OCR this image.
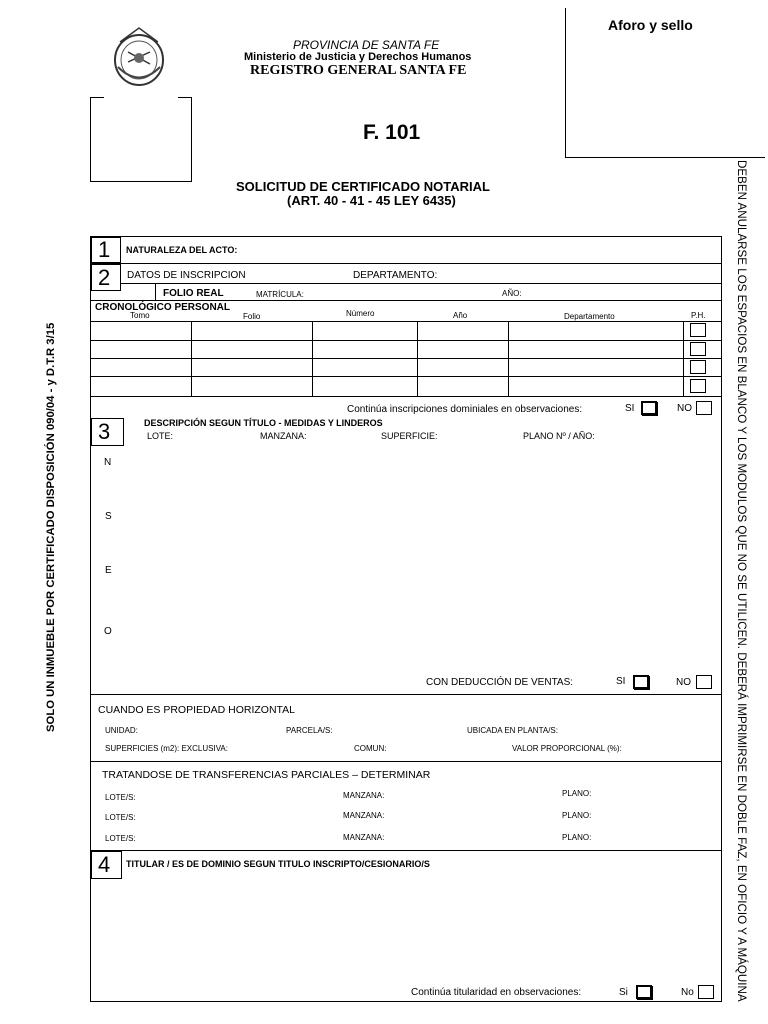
Aforo y sello
PROVINCIA DE SANTA FE
Ministerio de Justicia y Derechos Humanos
REGISTRO GENERAL SANTA FE
F. 101
SOLICITUD DE CERTIFICADO NOTARIAL
(ART. 40 - 41 - 45 LEY 6435)
SOLO UN INMUEBLE POR CERTIFICADO DISPOSICIÓN 090/04 - y D.T.R 3/15	DEBEN ANULARSE LOS ESPACIOS EN BLANCO Y LOS MODULOS QUE NO SE UTILICEN. DEBERÁ IMPRIMIRSE EN DOBLE FAZ, EN OFICIO Y A MÁQUINA
1 NATURALEZA DEL ACTO:
2 DATOS DE INSCRIPCION	DEPARTAMENTO:
FOLIO REAL	MATRÍCULA:	AÑO:
CRONOLÓGICO PERSONAL
Tomo	Folio	Número	Año	Departamento	P.H.
Continúa inscripciones dominiales en observaciones:	SI	NO
3	DESCRIPCIÓN SEGUN TÍTULO - MEDIDAS Y LINDEROS
LOTE:	MANZANA:	SUPERFICIE:	PLANO Nº / AÑO:
N
S
E
O
CON DEDUCCIÓN DE VENTAS:	SI	NO
CUANDO ES PROPIEDAD HORIZONTAL
UNIDAD:	PARCELA/S:	UBICADA EN PLANTA/S:
SUPERFICIES (m2): EXCLUSIVA:	COMUN:	VALOR PROPORCIONAL (%):
TRATANDOSE DE TRANSFERENCIAS PARCIALES – DETERMINAR
LOTE/S:	MANZANA:	PLANO:
LOTE/S:	MANZANA:	PLANO:
LOTE/S:	MANZANA:	PLANO:
4 TITULAR / ES DE DOMINIO SEGUN TITULO INSCRIPTO/CESIONARIO/S
Continúa titularidad en observaciones:	Si	No
